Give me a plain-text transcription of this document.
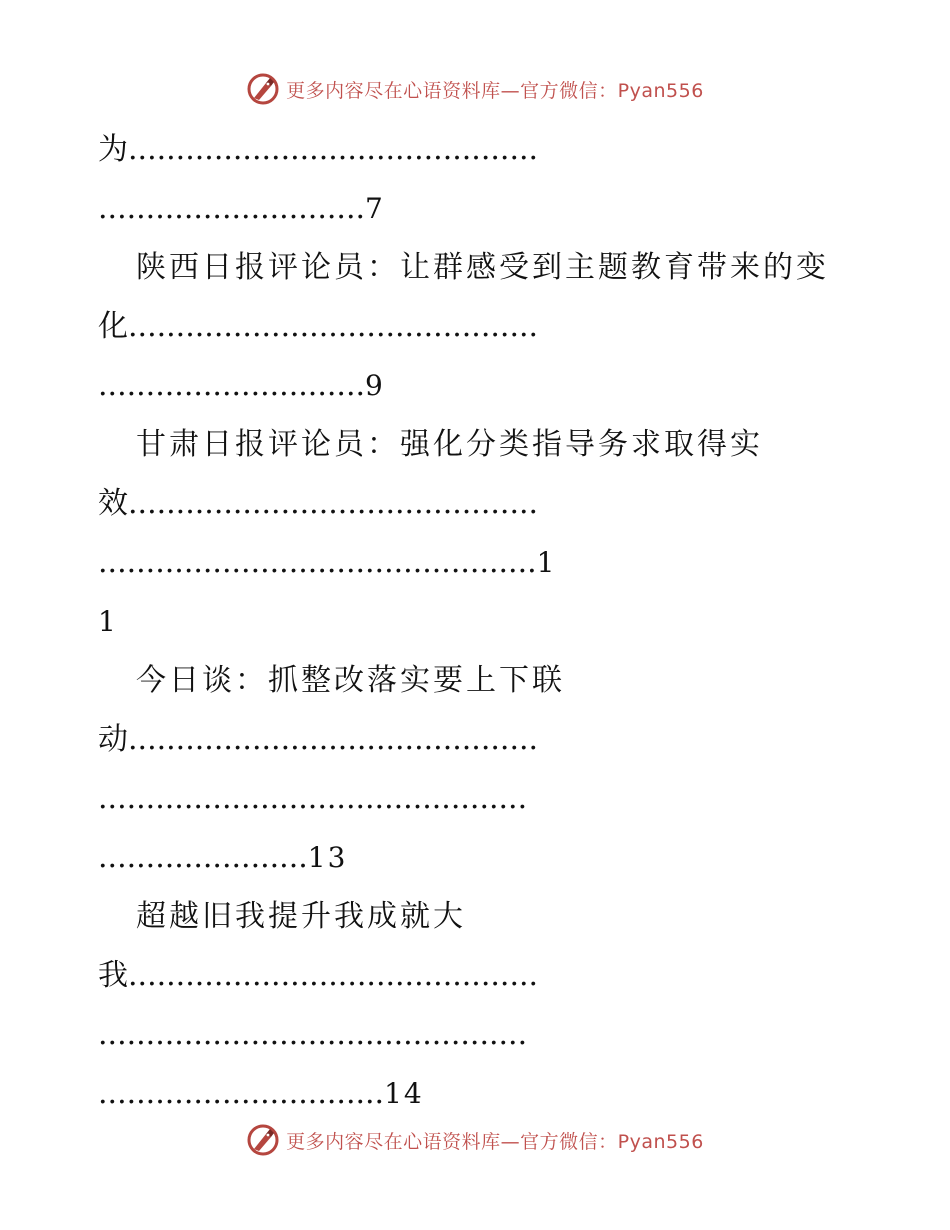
更多内容尽在心语资料库—官方微信：Pyan556
为...........................................
............................7
陕西日报评论员：让群感受到主题教育带来的变
化...........................................
............................9
甘肃日报评论员：强化分类指导务求取得实
效...........................................
..............................................1
1
今日谈：抓整改落实要上下联
动...........................................
.............................................
......................13
超越旧我提升我成就大
我...........................................
.............................................
..............................14
更多内容尽在心语资料库—官方微信：Pyan556
